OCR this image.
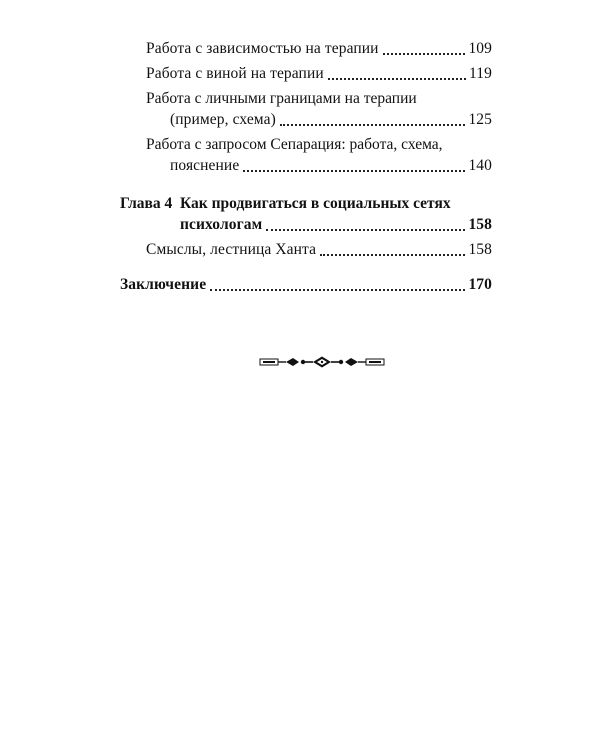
Работа с зависимостью на терапии	109
Работа с виной на терапии	119
Работа с личными границами на терапии
(пример, схема)	125
Работа с запросом Сепарация: работа, схема,
пояснение	140
Глава 4 Как продвигаться в социальных сетях
психологам	158
Смыслы, лестница Ханта	158
Заключение	170
